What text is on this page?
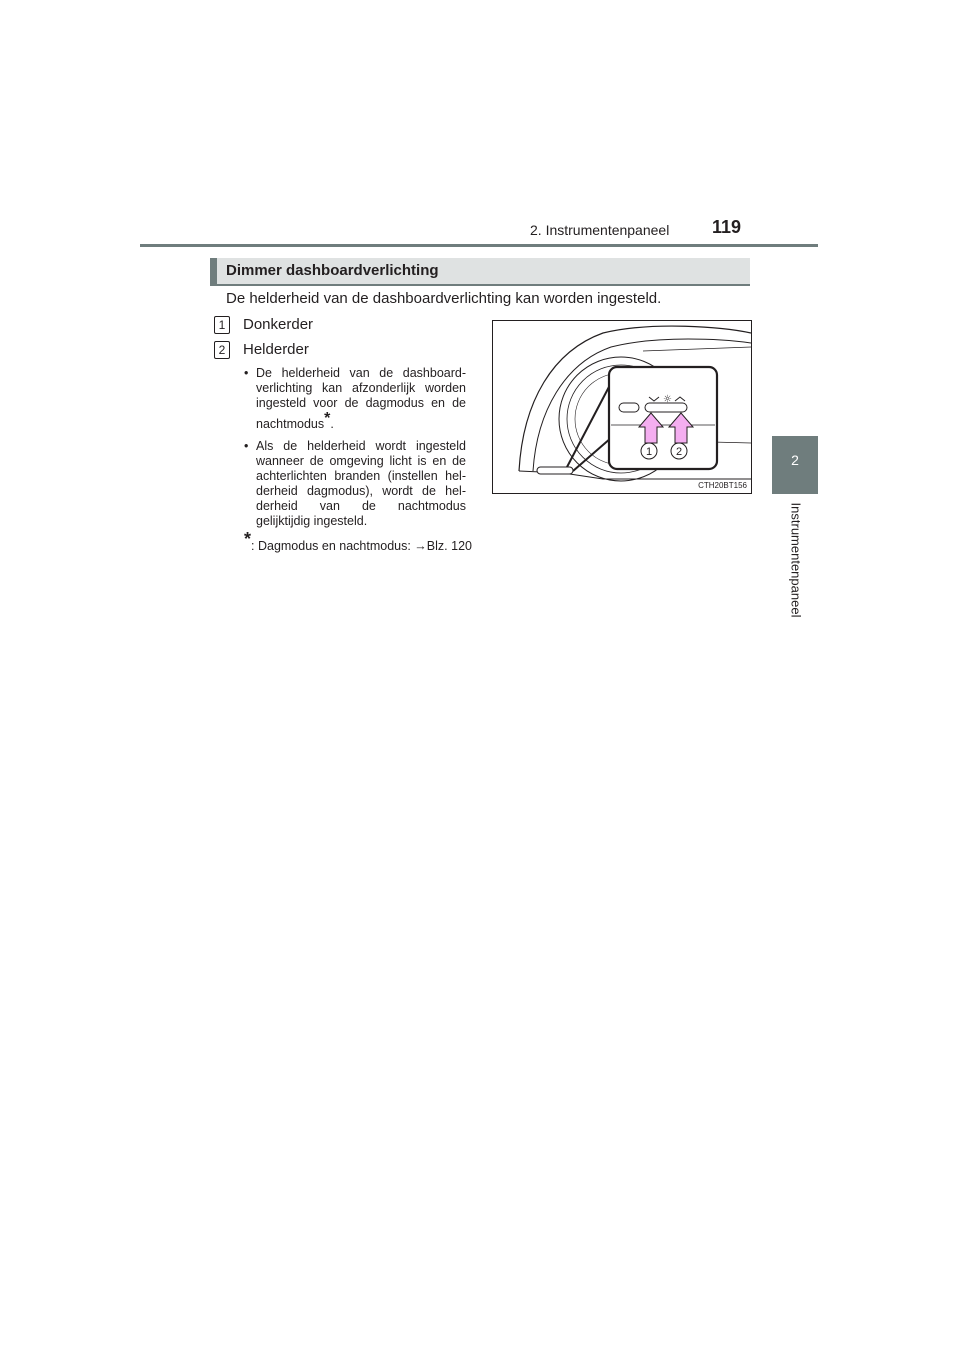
2. Instrumentenpaneel 119
2
Instrumentenpaneel
Dimmer dashboardverlichting
De helderheid van de dashboardverlichting kan worden ingesteld.
1	Donkerder
2	Helderder
• De helderheid van de dashboard-verlichting kan afzonderlijk worden ingesteld voor de dagmodus en de nachtmodus*.
• Als de helderheid wordt ingesteld wanneer de omgeving licht is en de achterlichten branden (instellen hel-derheid dagmodus), wordt de hel-derheid van de nachtmodus gelijktijdig ingesteld.
*: Dagmodus en nachtmodus: →Blz. 120
☼
1 2
CTH20BT156
